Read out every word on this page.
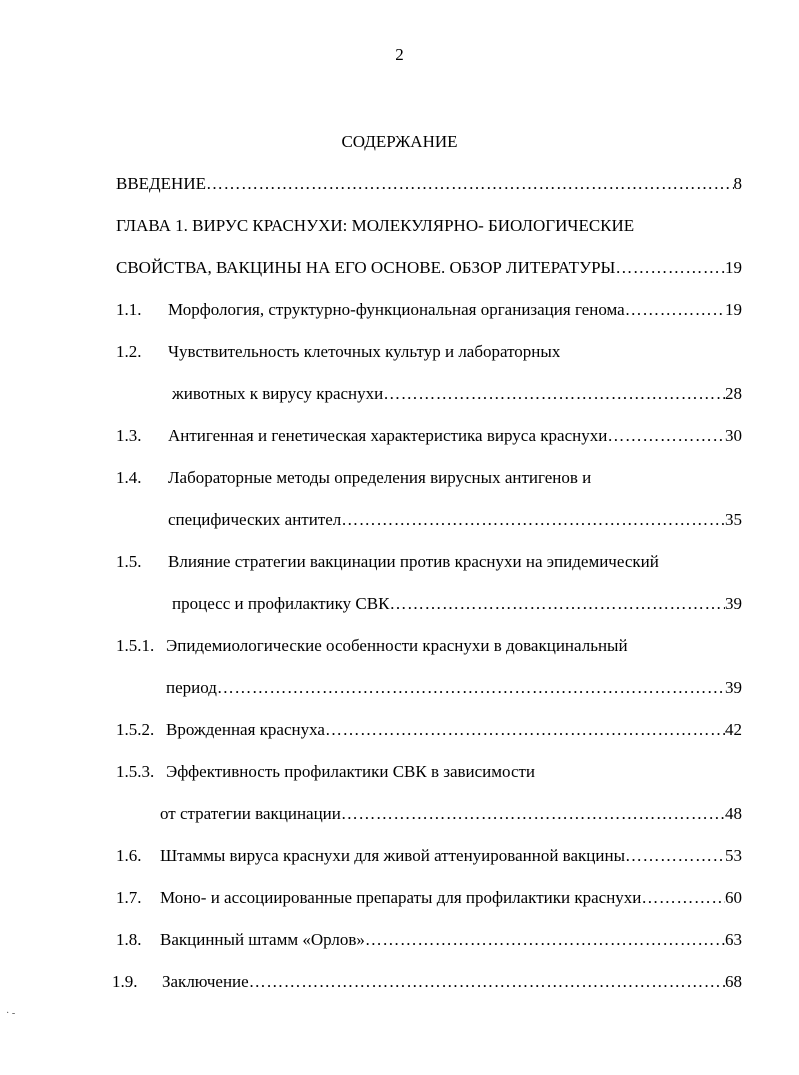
2
СОДЕРЖАНИЕ
ВВЕДЕНИЕ …………………………………………………………………………………………………………………………………………………………………………………………	8
ГЛАВА 1. ВИРУС КРАСНУХИ: МОЛЕКУЛЯРНО- БИОЛОГИЧЕСКИЕ
СВОЙСТВА, ВАКЦИНЫ НА ЕГО ОСНОВЕ. ОБЗОР ЛИТЕРАТУРЫ …………………………………………………………………………………………………………………………………………………………………………………………	19
1.1. Морфология, структурно-функциональная организация генома …………………………………………………………………………………………………………………………………………………………………………………………	19
1.2. Чувствительность клеточных культур и лабораторных
животных к вирусу краснухи …………………………………………………………………………………………………………………………………………………………………………………………	28
1.3. Антигенная и генетическая характеристика вируса краснухи …………………………………………………………………………………………………………………………………………………………………………………………	30
1.4. Лабораторные методы определения вирусных антигенов и
специфических антител …………………………………………………………………………………………………………………………………………………………………………………………	35
1.5. Влияние стратегии вакцинации против краснухи на эпидемический
процесс и профилактику СВК …………………………………………………………………………………………………………………………………………………………………………………………	39
1.5.1. Эпидемиологические особенности краснухи в довакцинальный
период …………………………………………………………………………………………………………………………………………………………………………………………	39
1.5.2. Врожденная краснуха …………………………………………………………………………………………………………………………………………………………………………………………	42
1.5.3. Эффективность профилактики СВК в зависимости
от стратегии вакцинации …………………………………………………………………………………………………………………………………………………………………………………………	48
1.6. Штаммы вируса краснухи для живой аттенуированной вакцины …………………………………………………………………………………………………………………………………………………………………………………………	53
1.7. Моно- и ассоциированные препараты для профилактики краснухи …………………………………………………………………………………………………………………………………………………………………………………………	60
1.8. Вакцинный штамм «Орлов» …………………………………………………………………………………………………………………………………………………………………………………………	63
1.9. Заключение …………………………………………………………………………………………………………………………………………………………………………………………	68
· -
